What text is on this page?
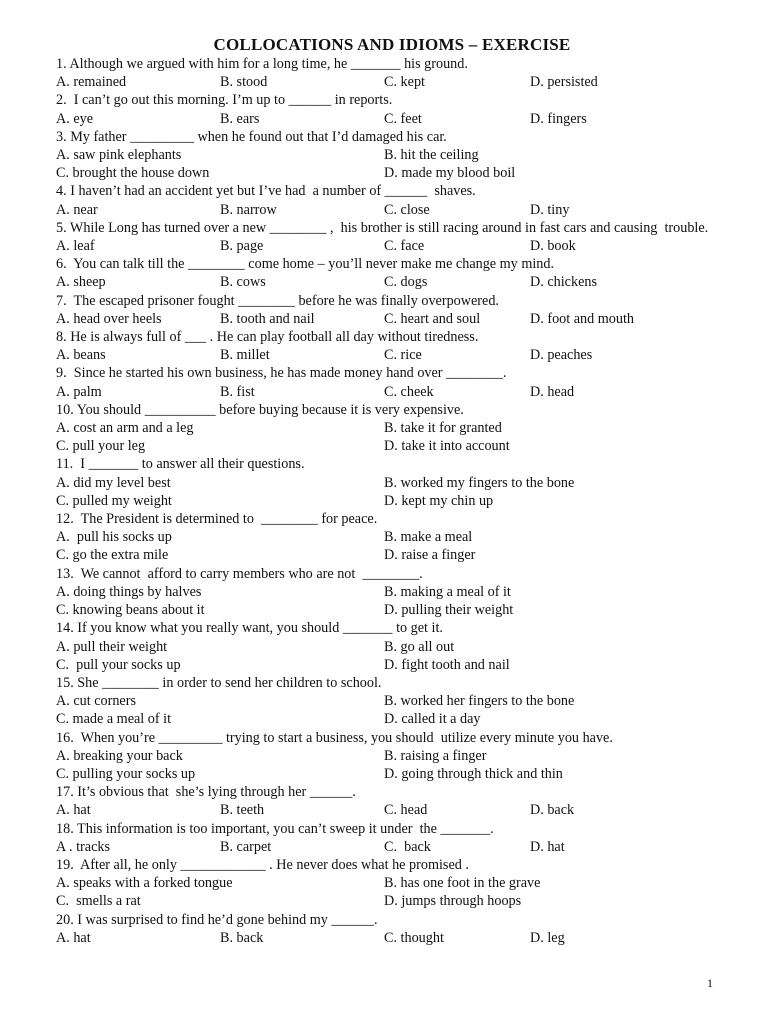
COLLOCATIONS AND IDIOMS – EXERCISE
1. Although we argued with him for a long time, he _______ his ground.
A. remained	B. stood	C. kept	D. persisted
2.  I can’t go out this morning. I’m up to ______ in reports.
A. eye	B. ears	C. feet	D. fingers
3. My father _________ when he found out that I’d damaged his car.
A. saw pink elephants	B. hit the ceiling
C. brought the house down	D. made my blood boil
4. I haven’t had an accident yet but I’ve had  a number of ______  shaves.
A. near	B. narrow	C. close	D. tiny
5. While Long has turned over a new ________ ,  his brother is still racing around in fast cars and causing  trouble.
A. leaf	B. page	C. face	D. book
6.  You can talk till the ________ come home – you’ll never make me change my mind.
A. sheep	B. cows	C. dogs	D. chickens
7.  The escaped prisoner fought ________ before he was finally overpowered.
A. head over heels	B. tooth and nail	C. heart and soul	D. foot and mouth
8. He is always full of ___ . He can play football all day without tiredness.
A. beans	B. millet	C. rice	D. peaches
9.  Since he started his own business, he has made money hand over ________.
A. palm	B. fist	C. cheek	D. head
10. You should __________ before buying because it is very expensive.
A. cost an arm and a leg	B. take it for granted
C. pull your leg	D. take it into account
11.  I _______ to answer all their questions.
A. did my level best	B. worked my fingers to the bone
C. pulled my weight	D. kept my chin up
12.  The President is determined to  ________ for peace.
A.  pull his socks up	B. make a meal
C. go the extra mile	D. raise a finger
13.  We cannot  afford to carry members who are not  ________.
A. doing things by halves	B. making a meal of it
C. knowing beans about it	D. pulling their weight
14. If you know what you really want, you should _______ to get it.
A. pull their weight	B. go all out
C.  pull your socks up	D. fight tooth and nail
15. She ________ in order to send her children to school.
A. cut corners	B. worked her fingers to the bone
C. made a meal of it	D. called it a day
16.  When you’re _________ trying to start a business, you should  utilize every minute you have.
A. breaking your back	B. raising a finger
C. pulling your socks up	D. going through thick and thin
17. It’s obvious that  she’s lying through her ______.
A. hat	B. teeth	C. head	D. back
18. This information is too important, you can’t sweep it under  the _______.
A . tracks	B. carpet	C.  back	D. hat
19.  After all, he only ____________ . He never does what he promised .
A. speaks with a forked tongue	B. has one foot in the grave
C.  smells a rat	D. jumps through hoops
20. I was surprised to find he’d gone behind my ______.
A. hat	B. back	C. thought	D. leg
1
